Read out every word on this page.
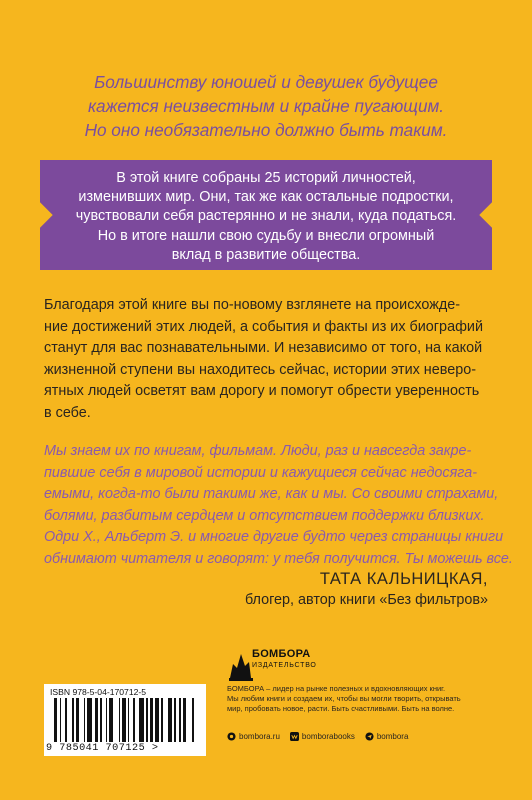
Большинству юношей и девушек будущее
кажется неизвестным и крайне пугающим.
Но оно необязательно должно быть таким.
В этой книге собраны 25 историй личностей,
изменивших мир. Они, так же как остальные подростки,
чувствовали себя растерянно и не знали, куда податься.
Но в итоге нашли свою судьбу и внесли огромный
вклад в развитие общества.
Благодаря этой книге вы по-новому взглянете на происхожде-
ние достижений этих людей, а события и факты из их биографий
станут для вас познавательными. И независимо от того, на какой
жизненной ступени вы находитесь сейчас, истории этих неверо-
ятных людей осветят вам дорогу и помогут обрести уверенность
в себе.
Мы знаем их по книгам, фильмам. Люди, раз и навсегда закре-
пившие себя в мировой истории и кажущиеся сейчас недосяга-
емыми, когда-то были такими же, как и мы. Со своими страхами,
болями, разбитым сердцем и отсутствием поддержки близких.
Одри Х., Альберт Э. и многие другие будто через страницы книги
обнимают читателя и говорят: у тебя получится. Ты можешь все.
ТАТА КАЛЬНИЦКАЯ,
блогер, автор книги «Без фильтров»
ISBN 978-5-04-170712-5
9 785041 707125 >
БОМБОРА
ИЗДАТЕЛЬСТВО
БОМБОРА – лидер на рынке полезных и вдохновляющих книг.
Мы любим книги и создаем их, чтобы вы могли творить, открывать
мир, пробовать новое, расти. Быть счастливыми. Быть на волне.
bombora.ru	bomborabooks	bombora
